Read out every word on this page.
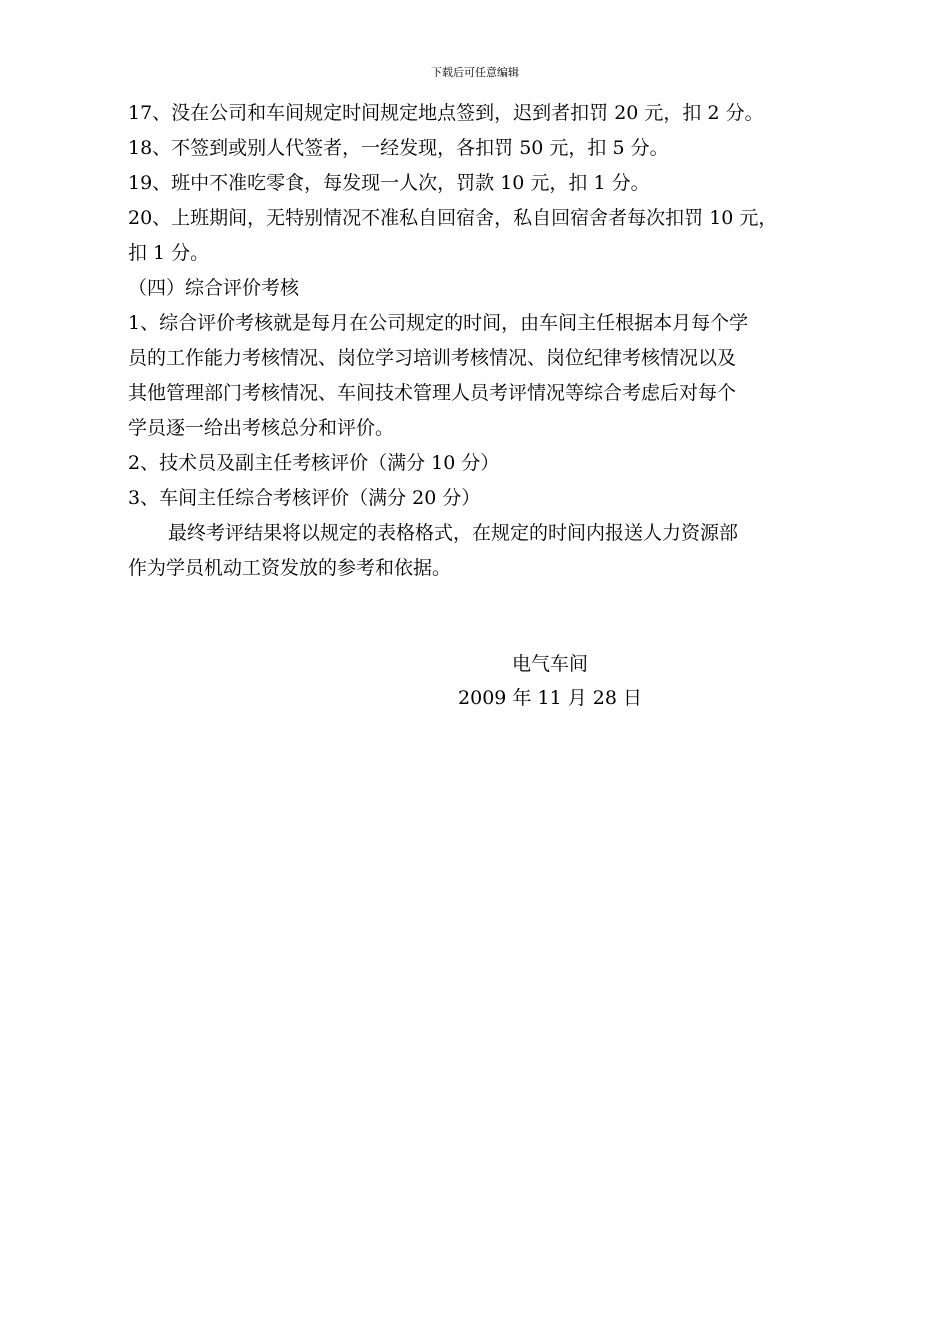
下载后可任意编辑
17、没在公司和车间规定时间规定地点签到，迟到者扣罚 20 元，扣 2 分。
18、不签到或别人代签者，一经发现，各扣罚 50 元，扣 5 分。
19、班中不准吃零食，每发现一人次，罚款 10 元，扣 1 分。
20、上班期间，无特别情况不准私自回宿舍，私自回宿舍者每次扣罚 10 元，
扣 1 分。
（四）综合评价考核
1、综合评价考核就是每月在公司规定的时间，由车间主任根据本月每个学
员的工作能力考核情况、岗位学习培训考核情况、岗位纪律考核情况以及
其他管理部门考核情况、车间技术管理人员考评情况等综合考虑后对每个
学员逐一给出考核总分和评价。
2、技术员及副主任考核评价（满分 10 分）
3、车间主任综合考核评价（满分 20 分）
最终考评结果将以规定的表格格式，在规定的时间内报送人力资源部
作为学员机动工资发放的参考和依据。
电气车间
2009 年 11 月 28 日
